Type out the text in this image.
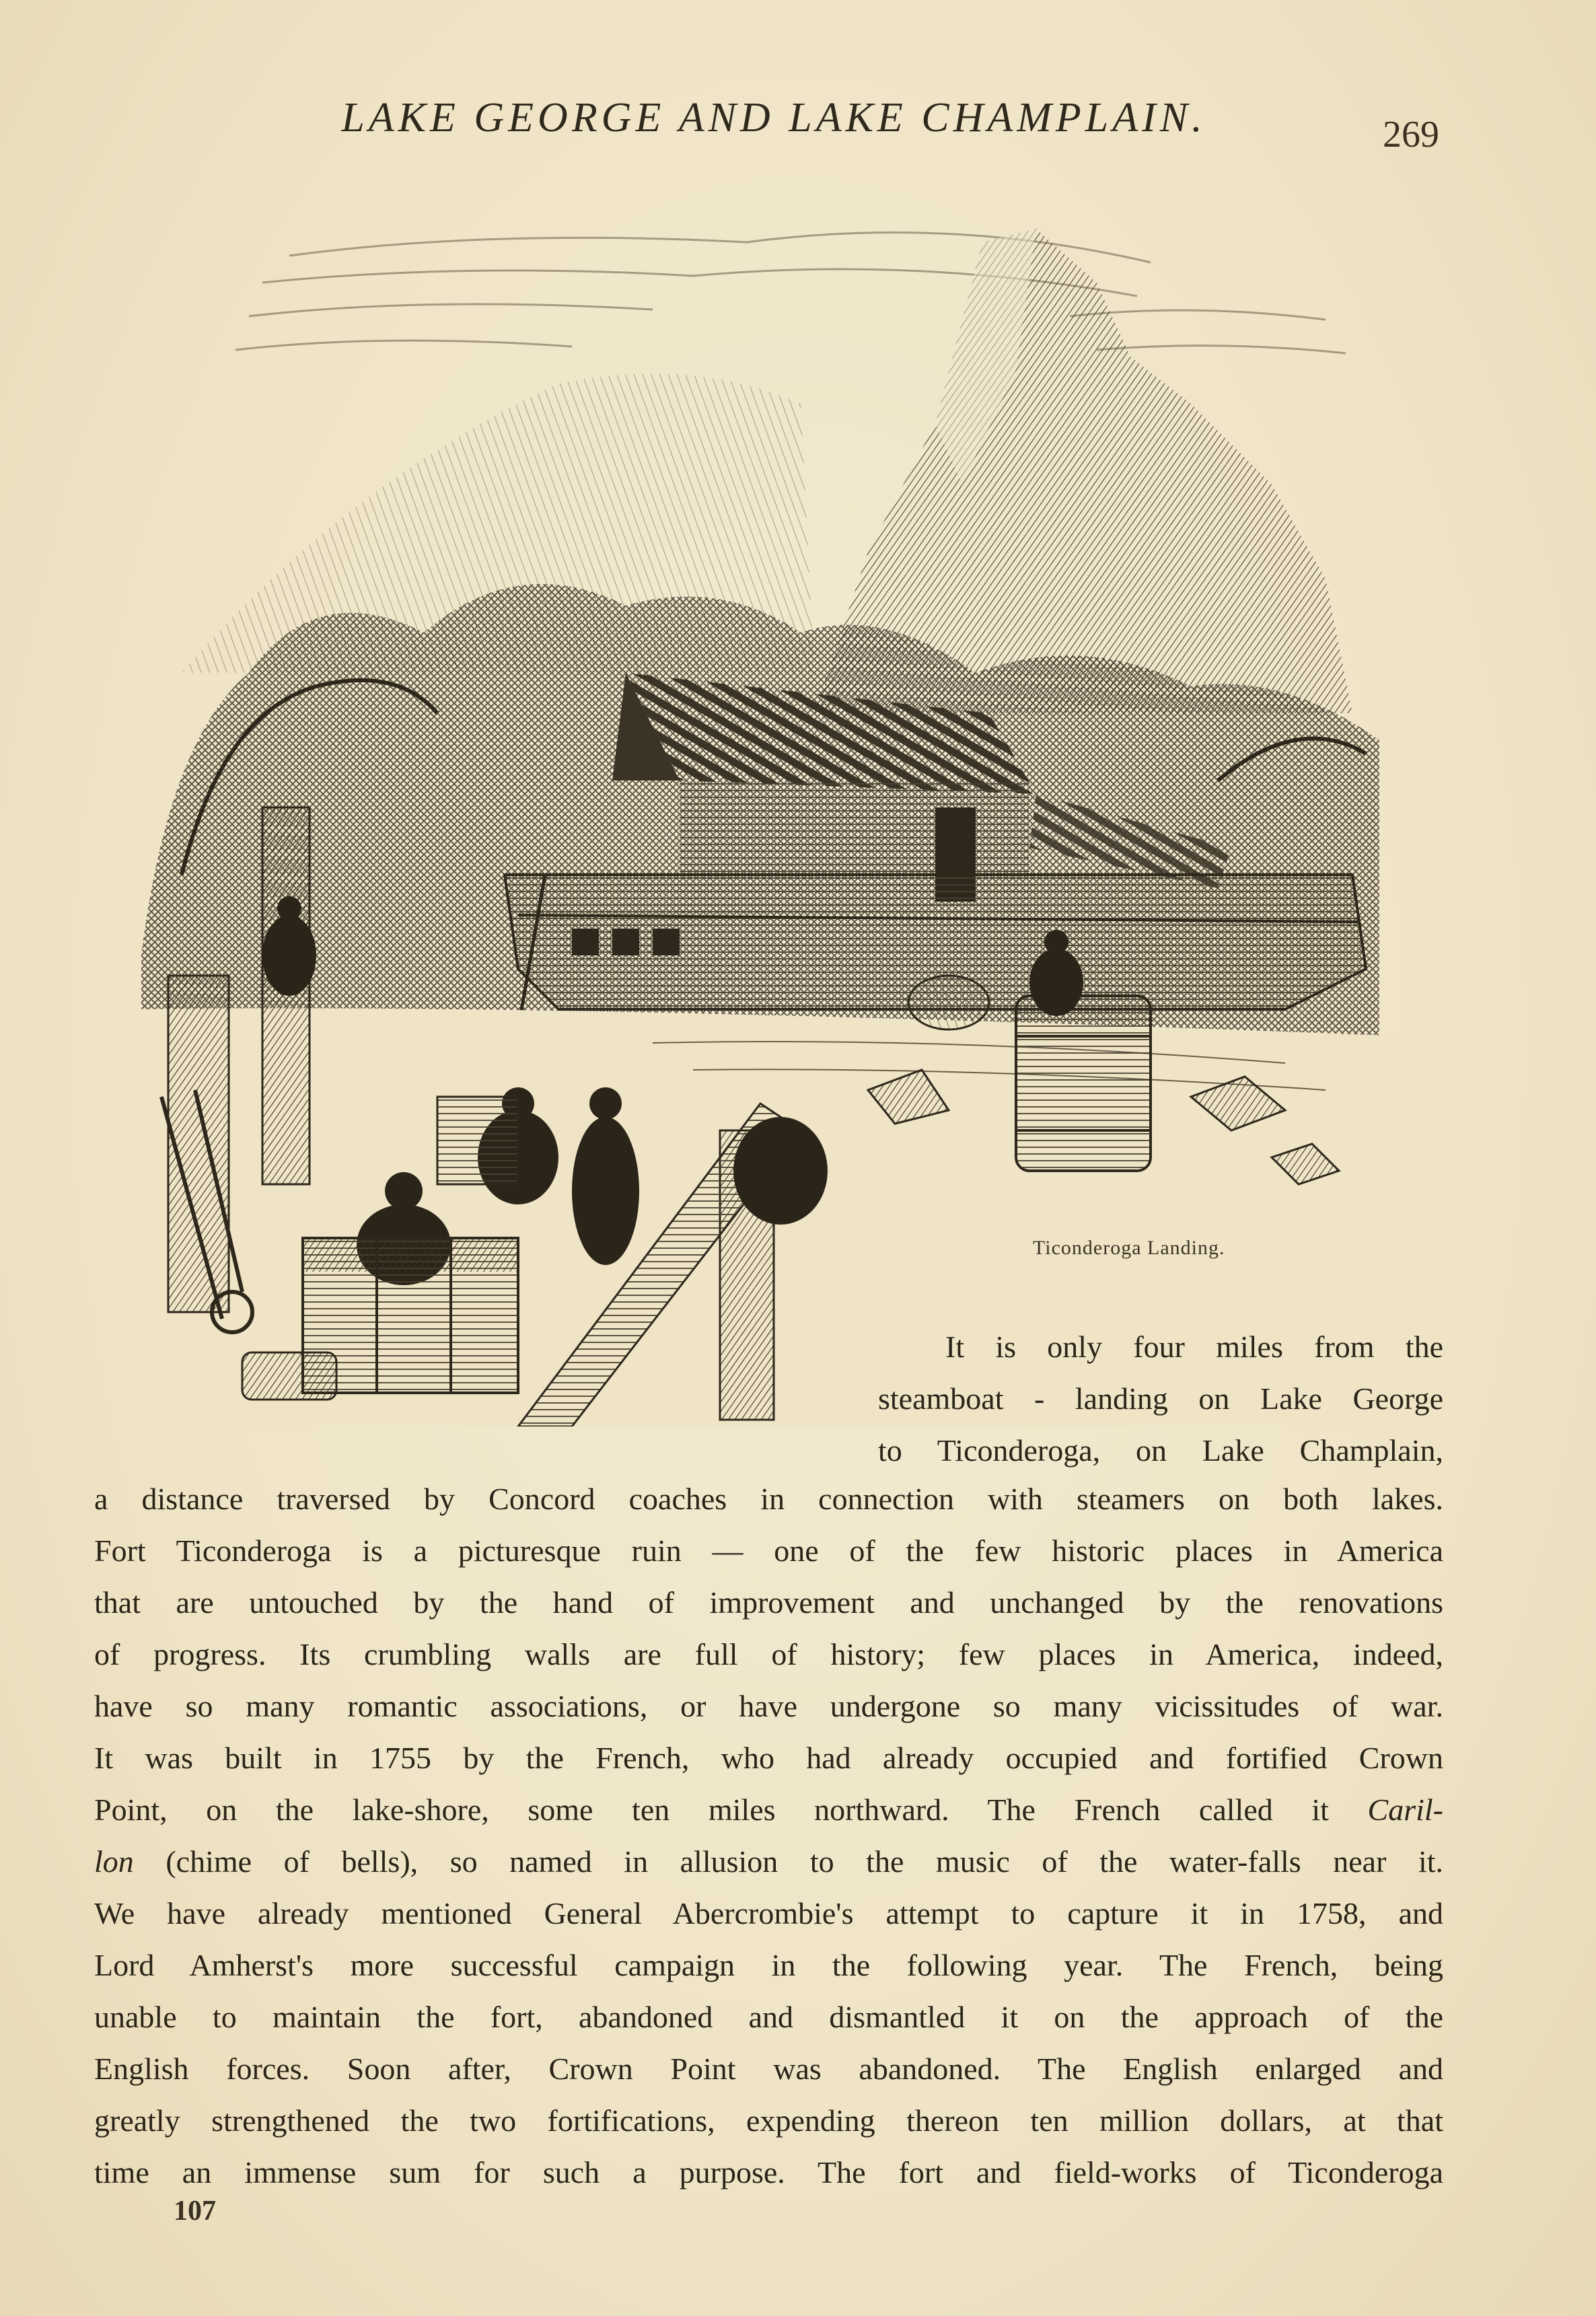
LAKE GEORGE AND LAKE CHAMPLAIN.	269
Ticonderoga Landing.
It is only four miles from the
steamboat - landing on Lake George
to Ticonderoga, on Lake Champlain,
a distance traversed by Concord coaches in connection with steamers on both lakes.
Fort Ticonderoga is a picturesque ruin — one of the few historic places in America
that are untouched by the hand of improvement and unchanged by the renovations
of progress. Its crumbling walls are full of history; few places in America, indeed,
have so many romantic associations, or have undergone so many vicissitudes of war.
It was built in 1755 by the French, who had already occupied and fortified Crown
Point, on the lake-shore, some ten miles northward. The French called it Caril-
lon (chime of bells), so named in allusion to the music of the water-falls near it.
We have already mentioned General Abercrombie's attempt to capture it in 1758, and
Lord Amherst's more successful campaign in the following year. The French, being
unable to maintain the fort, abandoned and dismantled it on the approach of the
English forces. Soon after, Crown Point was abandoned. The English enlarged and
greatly strengthened the two fortifications, expending thereon ten million dollars, at that
time an immense sum for such a purpose. The fort and field-works of Ticonderoga
107
